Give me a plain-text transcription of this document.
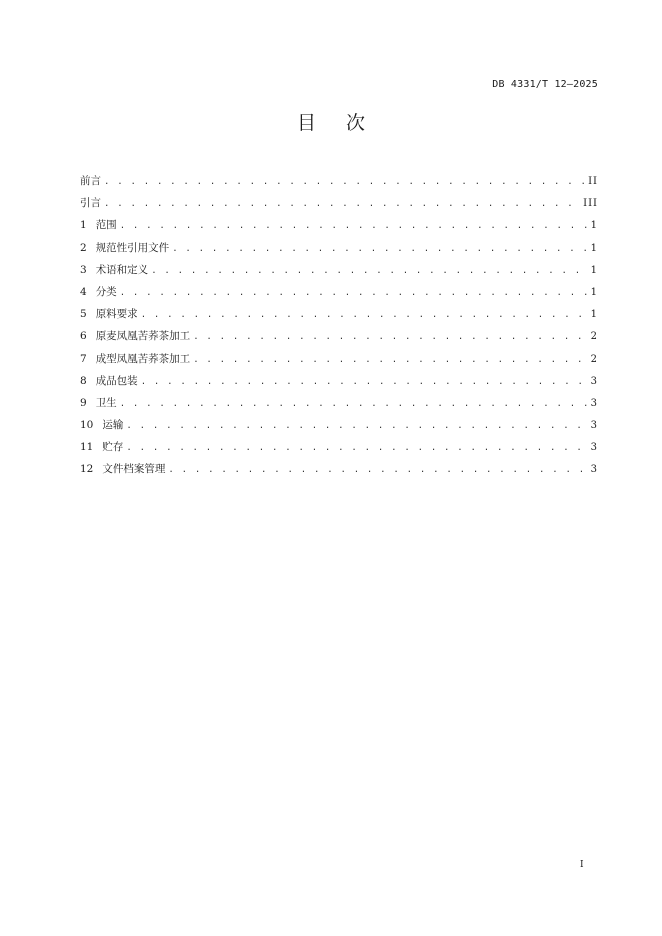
DB 4331/T 12—2025
目次
前言 . . .	II
引言 . . .	III
1 范围 . . .	1
2 规范性引用文件 . . .	1
3 术语和定义 . . .	1
4 分类 . . .	1
5 原料要求 . . .	1
6 原麦凤凰苦荞茶加工 . . .	2
7 成型凤凰苦荞茶加工 . . .	2
8 成品包装 . . .	3
9 卫生 . . .	3
10 运输 . . .	3
11 贮存 . . .	3
12 文件档案管理 . . .	3
I
